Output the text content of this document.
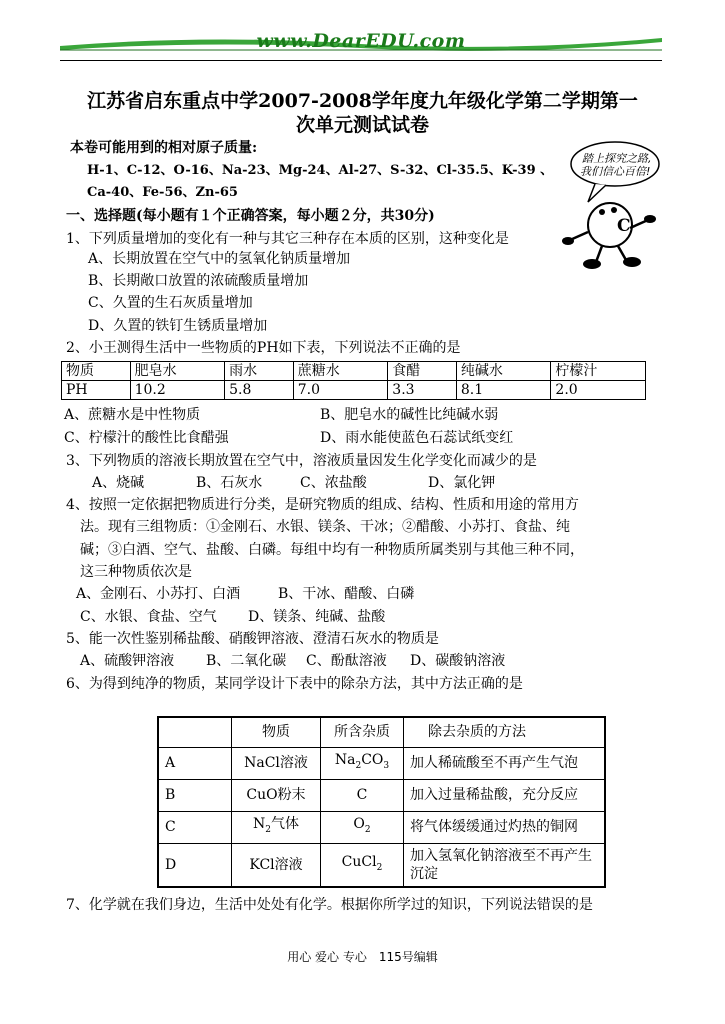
www.DearEDU.com
江苏省启东重点中学2007-2008学年度九年级化学第二学期第一
次单元测试试卷
踏上探究之路,
我们信心百倍!
C
本卷可能用到的相对原子质量:
H-1、C-12、O-16、Na-23、Mg-24、Al-27、S-32、Cl-35.5、K-39 、
Ca-40、Fe-56、Zn-65
一、选择题(每小题有１个正确答案，每小题２分，共30分)
1、下列质量增加的变化有一种与其它三种存在本质的区别，这种变化是
A、长期放置在空气中的氢氧化钠质量增加
B、长期敞口放置的浓硫酸质量增加
C、久置的生石灰质量增加
D、久置的铁钉生锈质量增加
2、小王测得生活中一些物质的PH如下表，下列说法不正确的是
物质	肥皂水	雨水	蔗糖水	食醋	纯碱水	柠檬汁
PH	10.2	5.8	7.0	3.3	8.1	2.0
A、蔗糖水是中性物质	B、肥皂水的碱性比纯碱水弱
C、柠檬汁的酸性比食醋强	D、雨水能使蓝色石蕊试纸变红
3、下列物质的溶液长期放置在空气中，溶液质量因发生化学变化而减少的是
A、烧碱	B、石灰水	C、浓盐酸	D、氯化钾
4、按照一定依据把物质进行分类，是研究物质的组成、结构、性质和用途的常用方
法。现有三组物质：①金刚石、水银、镁条、干冰；②醋酸、小苏打、食盐、纯
碱；③白酒、空气、盐酸、白磷。每组中均有一种物质所属类别与其他三种不同，
这三种物质依次是
A、金刚石、小苏打、白酒	B、干冰、醋酸、白磷
C、水银、食盐、空气 D、镁条、纯碱、盐酸
5、能一次性鉴别稀盐酸、硝酸钾溶液、澄清石灰水的物质是
A、硫酸钾溶液 B、二氧化碳 C、酚酞溶液 D、碳酸钠溶液
6、为得到纯净的物质，某同学设计下表中的除杂方法，其中方法正确的是
	物质	所含杂质	除去杂质的方法
A	NaCl溶液	$Na_2CO_3$	加人稀硫酸至不再产生气泡
B	CuO粉末	C	加入过量稀盐酸，充分反应
C	$N_2$气体	$O_2$	将气体缓缓通过灼热的铜网
D	KCl溶液	CuCl$_2$	加入氢氧化钠溶液至不再产生
沉淀
7、化学就在我们身边，生活中处处有化学。根据你所学过的知识，下列说法错误的是
用心 爱心 专心　115号编辑
